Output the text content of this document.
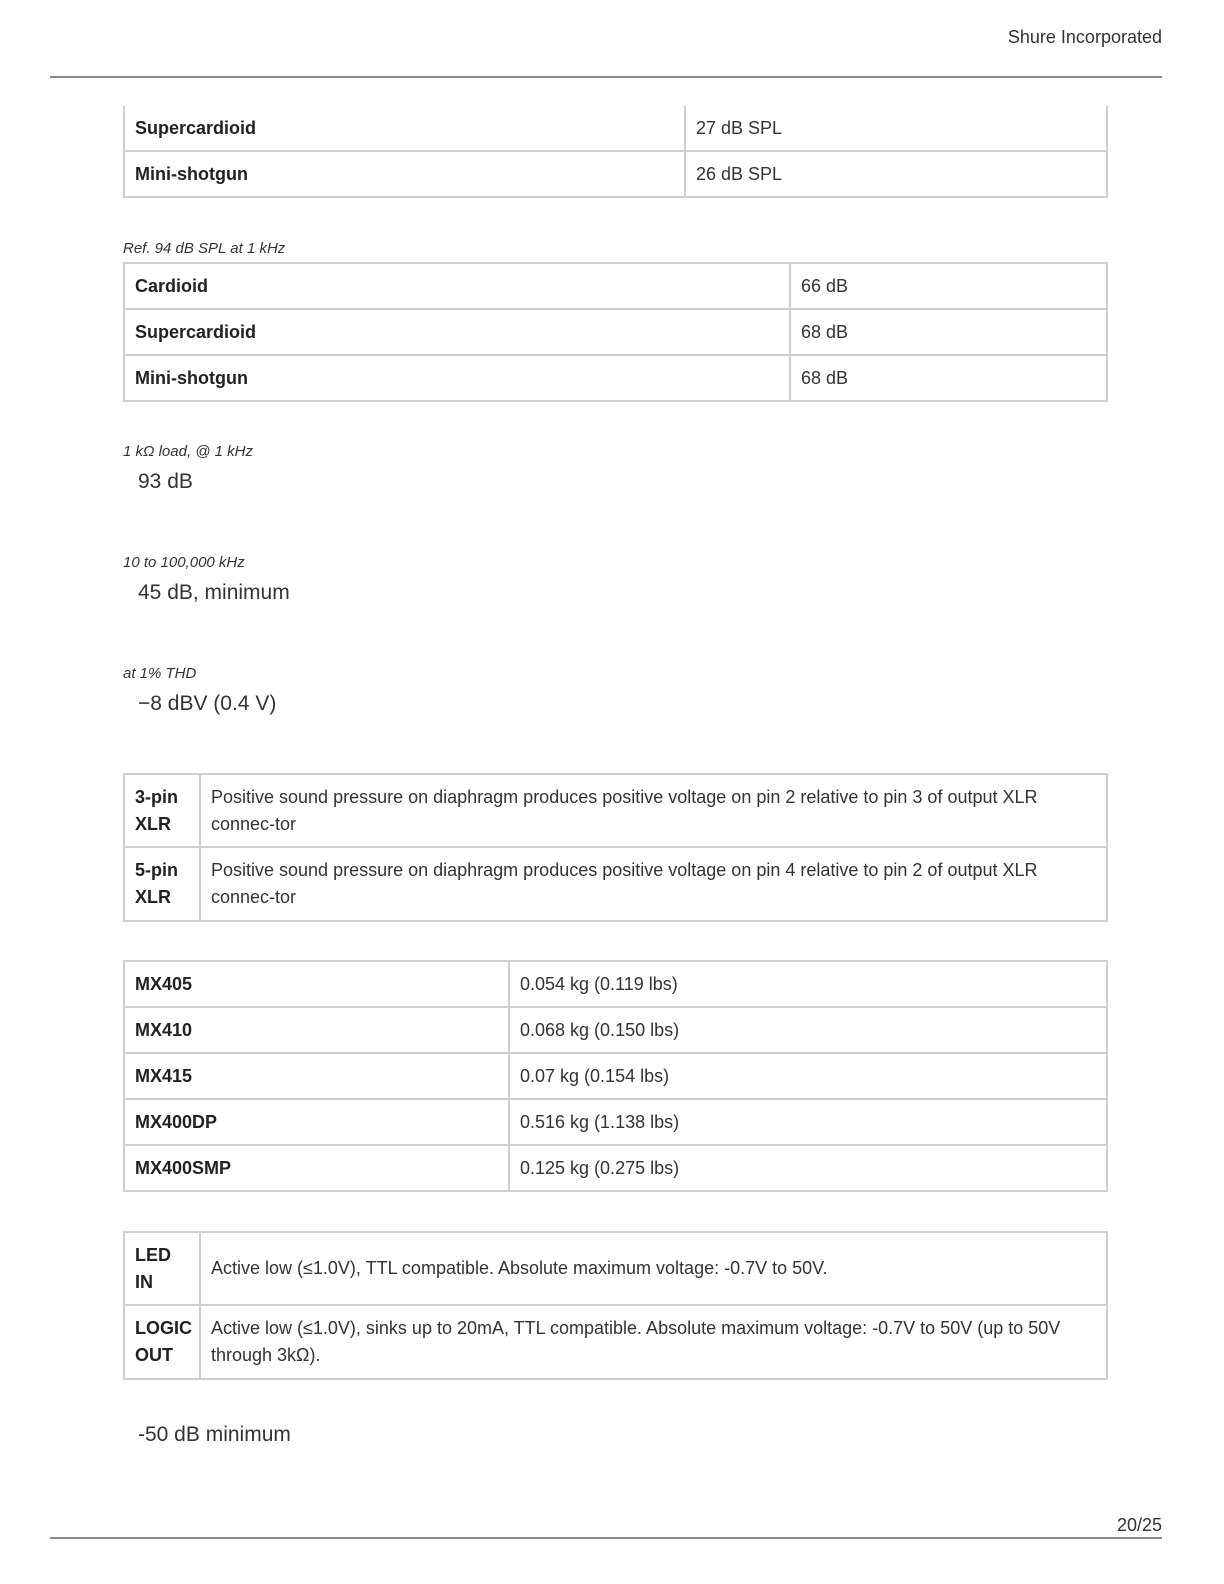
Shure Incorporated
Supercardioid	27 dB SPL
Mini-shotgun	26 dB SPL
Ref. 94 dB SPL at 1 kHz
Cardioid	66 dB
Supercardioid	68 dB
Mini-shotgun	68 dB
1 kΩ load, @ 1 kHz
93 dB
10 to 100,000 kHz
45 dB, minimum
at 1% THD
−8 dBV (0.4 V)
3-pin XLR	Positive sound pressure on diaphragm produces positive voltage on pin 2 relative to pin 3 of output XLR connec-tor
5-pin XLR	Positive sound pressure on diaphragm produces positive voltage on pin 4 relative to pin 2 of output XLR connec-tor
MX405	0.054 kg (0.119 lbs)
MX410	0.068 kg (0.150 lbs)
MX415	0.07 kg (0.154 lbs)
MX400DP	0.516 kg (1.138 lbs)
MX400SMP	0.125 kg (0.275 lbs)
LED IN	Active low (≤1.0V), TTL compatible. Absolute maximum voltage: -0.7V to 50V.
LOGIC OUT	Active low (≤1.0V), sinks up to 20mA, TTL compatible. Absolute maximum voltage: -0.7V to 50V (up to 50V through 3kΩ).
-50 dB minimum
20/25
